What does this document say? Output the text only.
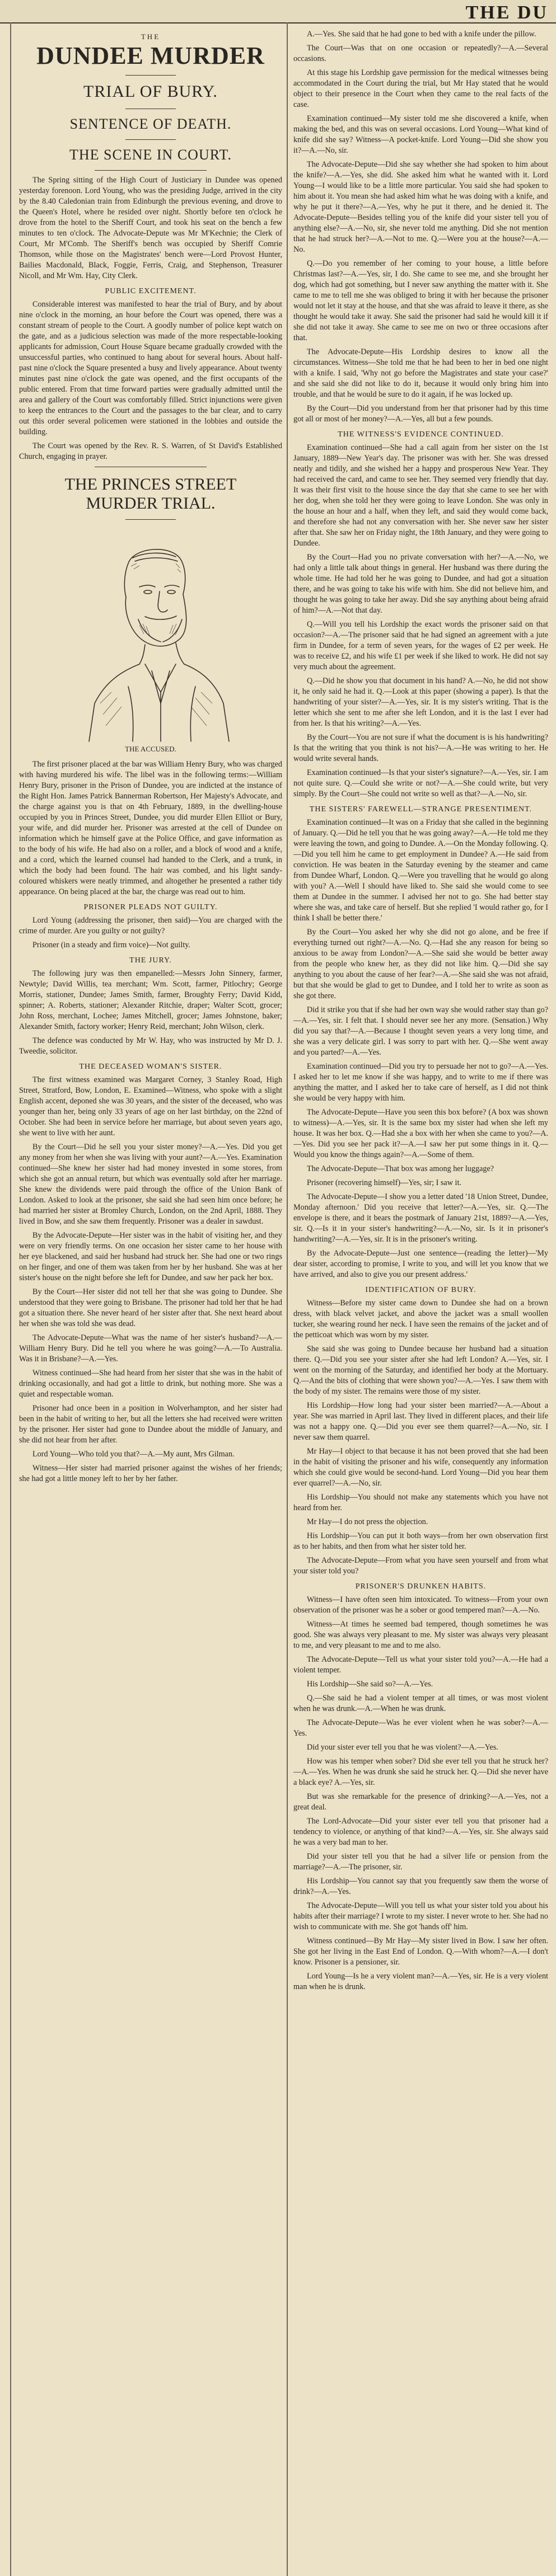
THE DU
THE
DUNDEE MURDER
TRIAL OF BURY.
SENTENCE OF DEATH.
THE SCENE IN COURT.

The Spring sitting of the High Court of Justiciary in Dundee was opened yesterday forenoon. Lord Young, who was the presiding Judge, arrived in the city by the 8.40 Caledonian train from Edinburgh the previous evening, and drove to the Queen's Hotel, where he resided over night. Shortly before ten o'clock he drove from the hotel to the Sheriff Court, and took his seat on the bench a few minutes to ten o'clock. The Advocate-Depute was Mr M'Kechnie; the Clerk of Court, Mr M'Comb. The Sheriff's bench was occupied by Sheriff Comrie Thomson, while those on the Magistrates' bench were—Lord Provost Hunter, Bailies Macdonald, Black, Foggie, Ferris, Craig, and Stephenson, Treasurer Nicoll, and Mr Wm. Hay, City Clerk.

PUBLIC EXCITEMENT.

Considerable interest was manifested to hear the trial of Bury, and by about nine o'clock in the morning, an hour before the Court was opened, there was a constant stream of people to the Court. A goodly number of police kept watch on the gate, and as a judicious selection was made of the more respectable-looking applicants for admission, Court House Square became gradually crowded with the unsuccessful parties, who continued to hang about for several hours. About half-past nine o'clock the Square presented a busy and lively appearance. About twenty minutes past nine o'clock the gate was opened, and the first occupants of the public entered. From that time forward parties were gradually admitted until the area and gallery of the Court was comfortably filled. Strict injunctions were given to keep the entrances to the Court and the passages to the bar clear, and to carry out this order several policemen were stationed in the lobbies and outside the building.

The Court was opened by the Rev. R. S. Warren, of St David's Established Church, engaging in prayer.

THE PRINCES STREET
MURDER TRIAL.
THE ACCUSED.

The first prisoner placed at the bar was William Henry Bury, who was charged with having murdered his wife. The libel was in the following terms:—William Henry Bury, prisoner in the Prison of Dundee, you are indicted at the instance of the Right Hon. James Patrick Bannerman Robertson, Her Majesty's Advocate, and the charge against you is that on 4th February, 1889, in the dwelling-house occupied by you in Princes Street, Dundee, you did murder Ellen Elliot or Bury, your wife, and did murder her. Prisoner was arrested at the cell of Dundee on information which he himself gave at the Police Office, and gave information as to the body of his wife. He had also on a roller, and a block of wood and a knife, and a cord, which the learned counsel had handed to the Clerk, and a trunk, in which the body had been found. The hair was combed, and his light sandy-coloured whiskers were neatly trimmed, and altogether he presented a rather tidy appearance. On being placed at the bar, the charge was read out to him.

PRISONER PLEADS NOT GUILTY.

Lord Young (addressing the prisoner, then said)—You are charged with the crime of murder. Are you guilty or not guilty?

Prisoner (in a steady and firm voice)—Not guilty.

THE JURY.

The following jury was then empanelled:—Messrs John Sinnery, farmer, Newtyle; David Willis, tea merchant; Wm. Scott, farmer, Pitlochry; George Morris, stationer, Dundee; James Smith, farmer, Broughty Ferry; David Kidd, spinner; A. Roberts, stationer; Alexander Ritchie, draper; Walter Scott, grocer; John Ross, merchant, Lochee; James Mitchell, grocer; James Johnstone, baker; Alexander Smith, factory worker; Henry Reid, merchant; John Wilson, clerk.

The defence was conducted by Mr W. Hay, who was instructed by Mr D. J. Tweedie, solicitor.

THE DECEASED WOMAN'S SISTER.

The first witness examined was Margaret Corney, 3 Stanley Road, High Street, Stratford, Bow, London, E. Examined—Witness, who spoke with a slight English accent, deponed she was 30 years, and the sister of the deceased, who was younger than her, being only 33 years of age on her last birthday, on the 22nd of October. She had been in service before her marriage, but about seven years ago, she went to live with her aunt.

By the Court—Did he sell you your sister money?—A.—Yes. Did you get any money from her when she was living with your aunt?—A.—Yes. Examination continued—She knew her sister had had money invested in some stores, from which she got an annual return, but which was eventually sold after her marriage. She knew the dividends were paid through the office of the Union Bank of London. Asked to look at the prisoner, she said she had seen him once before; he had married her sister at Bromley Church, London, on the 2nd April, 1888. They lived in Bow, and she saw them frequently. Prisoner was a dealer in sawdust.

By the Advocate-Depute—Her sister was in the habit of visiting her, and they were on very friendly terms. On one occasion her sister came to her house with her eye blackened, and said her husband had struck her. She had one or two rings on her finger, and one of them was taken from her by her husband. She was at her sister's house on the night before she left for Dundee, and saw her pack her box.

By the Court—Her sister did not tell her that she was going to Dundee. She understood that they were going to Brisbane. The prisoner had told her that he had got a situation there. She never heard of her sister after that. She next heard about her when she was told she was dead.

The Advocate-Depute—What was the name of her sister's husband?—A.—William Henry Bury. Did he tell you where he was going?—A.—To Australia. Was it in Brisbane?—A.—Yes.

Witness continued—She had heard from her sister that she was in the habit of drinking occasionally, and had got a little to drink, but nothing more. She was a quiet and respectable woman.

Prisoner had once been in a position in Wolverhampton, and her sister had been in the habit of writing to her, but all the letters she had received were written by the prisoner. Her sister had gone to Dundee about the middle of January, and she did not hear from her after.

Lord Young—Who told you that?—A.—My aunt, Mrs Gilman.

Witness—Her sister had married prisoner against the wishes of her friends; she had got a little money left to her by her father.

A.—Yes. She said that he had gone to bed with a knife under the pillow.

The Court—Was that on one occasion or repeatedly?—A.—Several occasions.

At this stage his Lordship gave permission for the medical witnesses being accommodated in the Court during the trial, but Mr Hay stated that he would object to their presence in the Court when they came to the real facts of the case.

Examination continued—My sister told me she discovered a knife, when making the bed, and this was on several occasions. Lord Young—What kind of knife did she say? Witness—A pocket-knife. Lord Young—Did she show you it?—A.—No, sir.

The Advocate-Depute—Did she say whether she had spoken to him about the knife?—A.—Yes, she did. She asked him what he wanted with it. Lord Young—I would like to be a little more particular. You said she had spoken to him about it. You mean she had asked him what he was doing with a knife, and why he put it there?—A.—Yes, why he put it there, and he denied it. The Advocate-Depute—Besides telling you of the knife did your sister tell you of anything else?—A.—No, sir, she never told me anything. Did she not mention that he had struck her?—A.—Not to me. Q.—Were you at the house?—A.—No.

Q.—Do you remember of her coming to your house, a little before Christmas last?—A.—Yes, sir, I do. She came to see me, and she brought her dog, which had got something, but I never saw anything the matter with it. She came to me to tell me she was obliged to bring it with her because the prisoner would not let it stay at the house, and that she was afraid to leave it there, as she thought he would take it away. She said the prisoner had said he would kill it if she did not take it away. She came to see me on two or three occasions after that.

The Advocate-Depute—His Lordship desires to know all the circumstances. Witness—She told me that he had been to her in bed one night with a knife. I said, 'Why not go before the Magistrates and state your case?' and she said she did not like to do it, because it would only bring him into trouble, and that he would be sure to do it again, if he was locked up.

By the Court—Did you understand from her that prisoner had by this time got all or most of her money?—A.—Yes, all but a few pounds.

THE WITNESS'S EVIDENCE CONTINUED.

Examination continued—She had a call again from her sister on the 1st January, 1889—New Year's day. The prisoner was with her. She was dressed neatly and tidily, and she wished her a happy and prosperous New Year. They had received the card, and came to see her. They seemed very friendly that day. It was their first visit to the house since the day that she came to see her with her dog, when she told her they were going to leave London. She was only in the house an hour and a half, when they left, and said they would come back, and therefore she had not any conversation with her. She never saw her sister after that. She saw her on Friday night, the 18th January, and they were going to Dundee.

By the Court—Had you no private conversation with her?—A.—No, we had only a little talk about things in general. Her husband was there during the whole time. He had told her he was going to Dundee, and had got a situation there, and he was going to take his wife with him. She did not believe him, and thought he was going to take her away. Did she say anything about being afraid of him?—A.—Not that day.

Q.—Will you tell his Lordship the exact words the prisoner said on that occasion?—A.—The prisoner said that he had signed an agreement with a jute firm in Dundee, for a term of seven years, for the wages of £2 per week. He was to receive £2, and his wife £1 per week if she liked to work. He did not say very much about the agreement.

Q.—Did he show you that document in his hand? A.—No, he did not show it, he only said he had it. Q.—Look at this paper (showing a paper). Is that the handwriting of your sister?—A.—Yes, sir. It is my sister's writing. That is the letter which she sent to me after she left London, and it is the last I ever had from her. Is that his writing?—A.—Yes.

By the Court—You are not sure if what the document is is his handwriting? Is that the writing that you think is not his?—A.—He was writing to her. He would write several hands.

Examination continued—Is that your sister's signature?—A.—Yes, sir. I am not quite sure. Q.—Could she write or not?—A.—She could write, but very simply. By the Court—She could not write so well as that?—A.—No, sir.

THE SISTERS' FAREWELL—STRANGE PRESENTIMENT.

Examination continued—It was on a Friday that she called in the beginning of January. Q.—Did he tell you that he was going away?—A.—He told me they were leaving the town, and going to Dundee. A.—On the Monday following. Q.—Did you tell him he came to get employment in Dundee? A.—He said from conviction. He was beaten in the Saturday evening by the steamer and came from Dundee Wharf, London. Q.—Were you travelling that he would go along with you? A.—Well I should have liked to. She said she would come to see them at Dundee in the summer. I advised her not to go. She had better stay where she was, and take care of herself. But she replied 'I would rather go, for I think I shall be better there.'

By the Court—You asked her why she did not go alone, and be free if everything turned out right?—A.—No. Q.—Had she any reason for being so anxious to be away from London?—A.—She said she would be better away from the people who knew her, as they did not like him. Q.—Did she say anything to you about the cause of her fear?—A.—She said she was not afraid, but that she would be glad to get to Dundee, and I told her to write as soon as she got there.

Did it strike you that if she had her own way she would rather stay than go?—A.—Yes, sir. I felt that. I should never see her any more. (Sensation.) Why did you say that?—A.—Because I thought seven years a very long time, and she was a very delicate girl. I was sorry to part with her. Q.—She went away and you parted?—A.—Yes.

Examination continued—Did you try to persuade her not to go?—A.—Yes. I asked her to let me know if she was happy, and to write to me if there was anything the matter, and I asked her to take care of herself, as I did not think she would be very happy with him.

The Advocate-Depute—Have you seen this box before? (A box was shown to witness)—A.—Yes, sir. It is the same box my sister had when she left my house. It was her box. Q.—Had she a box with her when she came to you?—A.—Yes. Did you see her pack it?—A.—I saw her put some things in it. Q.—Would you know the things again?—A.—Some of them.

The Advocate-Depute—That box was among her luggage?

Prisoner (recovering himself)—Yes, sir; I saw it.

The Advocate-Depute—I show you a letter dated '18 Union Street, Dundee, Monday afternoon.' Did you receive that letter?—A.—Yes, sir. Q.—The envelope is there, and it bears the postmark of January 21st, 1889?—A.—Yes, sir. Q.—Is it in your sister's handwriting?—A.—No, sir. Is it in prisoner's handwriting?—A.—Yes, sir. It is in the prisoner's writing.

By the Advocate-Depute—Just one sentence—(reading the letter)—'My dear sister, according to promise, I write to you, and will let you know that we have arrived, and also to give you our present address.'

IDENTIFICATION OF BURY.

Witness—Before my sister came down to Dundee she had on a brown dress, with black velvet jacket, and above the jacket was a small woollen tucker, she wearing round her neck. I have seen the remains of the jacket and of the petticoat which was worn by my sister.

She said she was going to Dundee because her husband had a situation there. Q.—Did you see your sister after she had left London? A.—Yes, sir. I went on the morning of the Saturday, and identified her body at the Mortuary. Q.—And the bits of clothing that were shown you?—A.—Yes. I saw them with the body of my sister. The remains were those of my sister.

His Lordship—How long had your sister been married?—A.—About a year. She was married in April last. They lived in different places, and their life was not a happy one. Q.—Did you ever see them quarrel?—A.—No, sir. I never saw them quarrel.

Mr Hay—I object to that because it has not been proved that she had been in the habit of visiting the prisoner and his wife, consequently any information which she could give would be second-hand. Lord Young—Did you hear them ever quarrel?—A.—No, sir.

His Lordship—You should not make any statements which you have not heard from her.

Mr Hay—I do not press the objection.

His Lordship—You can put it both ways—from her own observation first as to her habits, and then from what her sister told her.

The Advocate-Depute—From what you have seen yourself and from what your sister told you?

PRISONER'S DRUNKEN HABITS.

Witness—I have often seen him intoxicated. To witness—From your own observation of the prisoner was he a sober or good tempered man?—A.—No.

Witness—At times he seemed bad tempered, though sometimes he was good. She was always very pleasant to me. My sister was always very pleasant to me, and very pleasant to me and to me also.

The Advocate-Depute—Tell us what your sister told you?—A.—He had a violent temper.

His Lordship—She said so?—A.—Yes.

Q.—She said he had a violent temper at all times, or was most violent when he was drunk.—A.—When he was drunk.

The Advocate-Depute—Was he ever violent when he was sober?—A.—Yes.

Did your sister ever tell you that he was violent?—A.—Yes.

How was his temper when sober? Did she ever tell you that he struck her?—A.—Yes. When he was drunk she said he struck her. Q.—Did she never have a black eye? A.—Yes, sir.

But was she remarkable for the presence of drinking?—A.—Yes, not a great deal.

The Lord-Advocate—Did your sister ever tell you that prisoner had a tendency to violence, or anything of that kind?—A.—Yes, sir. She always said he was a very bad man to her.

Did your sister tell you that he had a silver life or pension from the marriage?—A.—The prisoner, sir.

His Lordship—You cannot say that you frequently saw them the worse of drink?—A.—Yes.

The Advocate-Depute—Will you tell us what your sister told you about his habits after their marriage? I wrote to my sister. I never wrote to her. She had no wish to communicate with me. She got 'hands off' him.

Witness continued—By Mr Hay—My sister lived in Bow. I saw her often. She got her living in the East End of London. Q.—With whom?—A.—I don't know. Prisoner is a pensioner, sir.

Lord Young—Is he a very violent man?—A.—Yes, sir. He is a very violent man when he is drunk.
